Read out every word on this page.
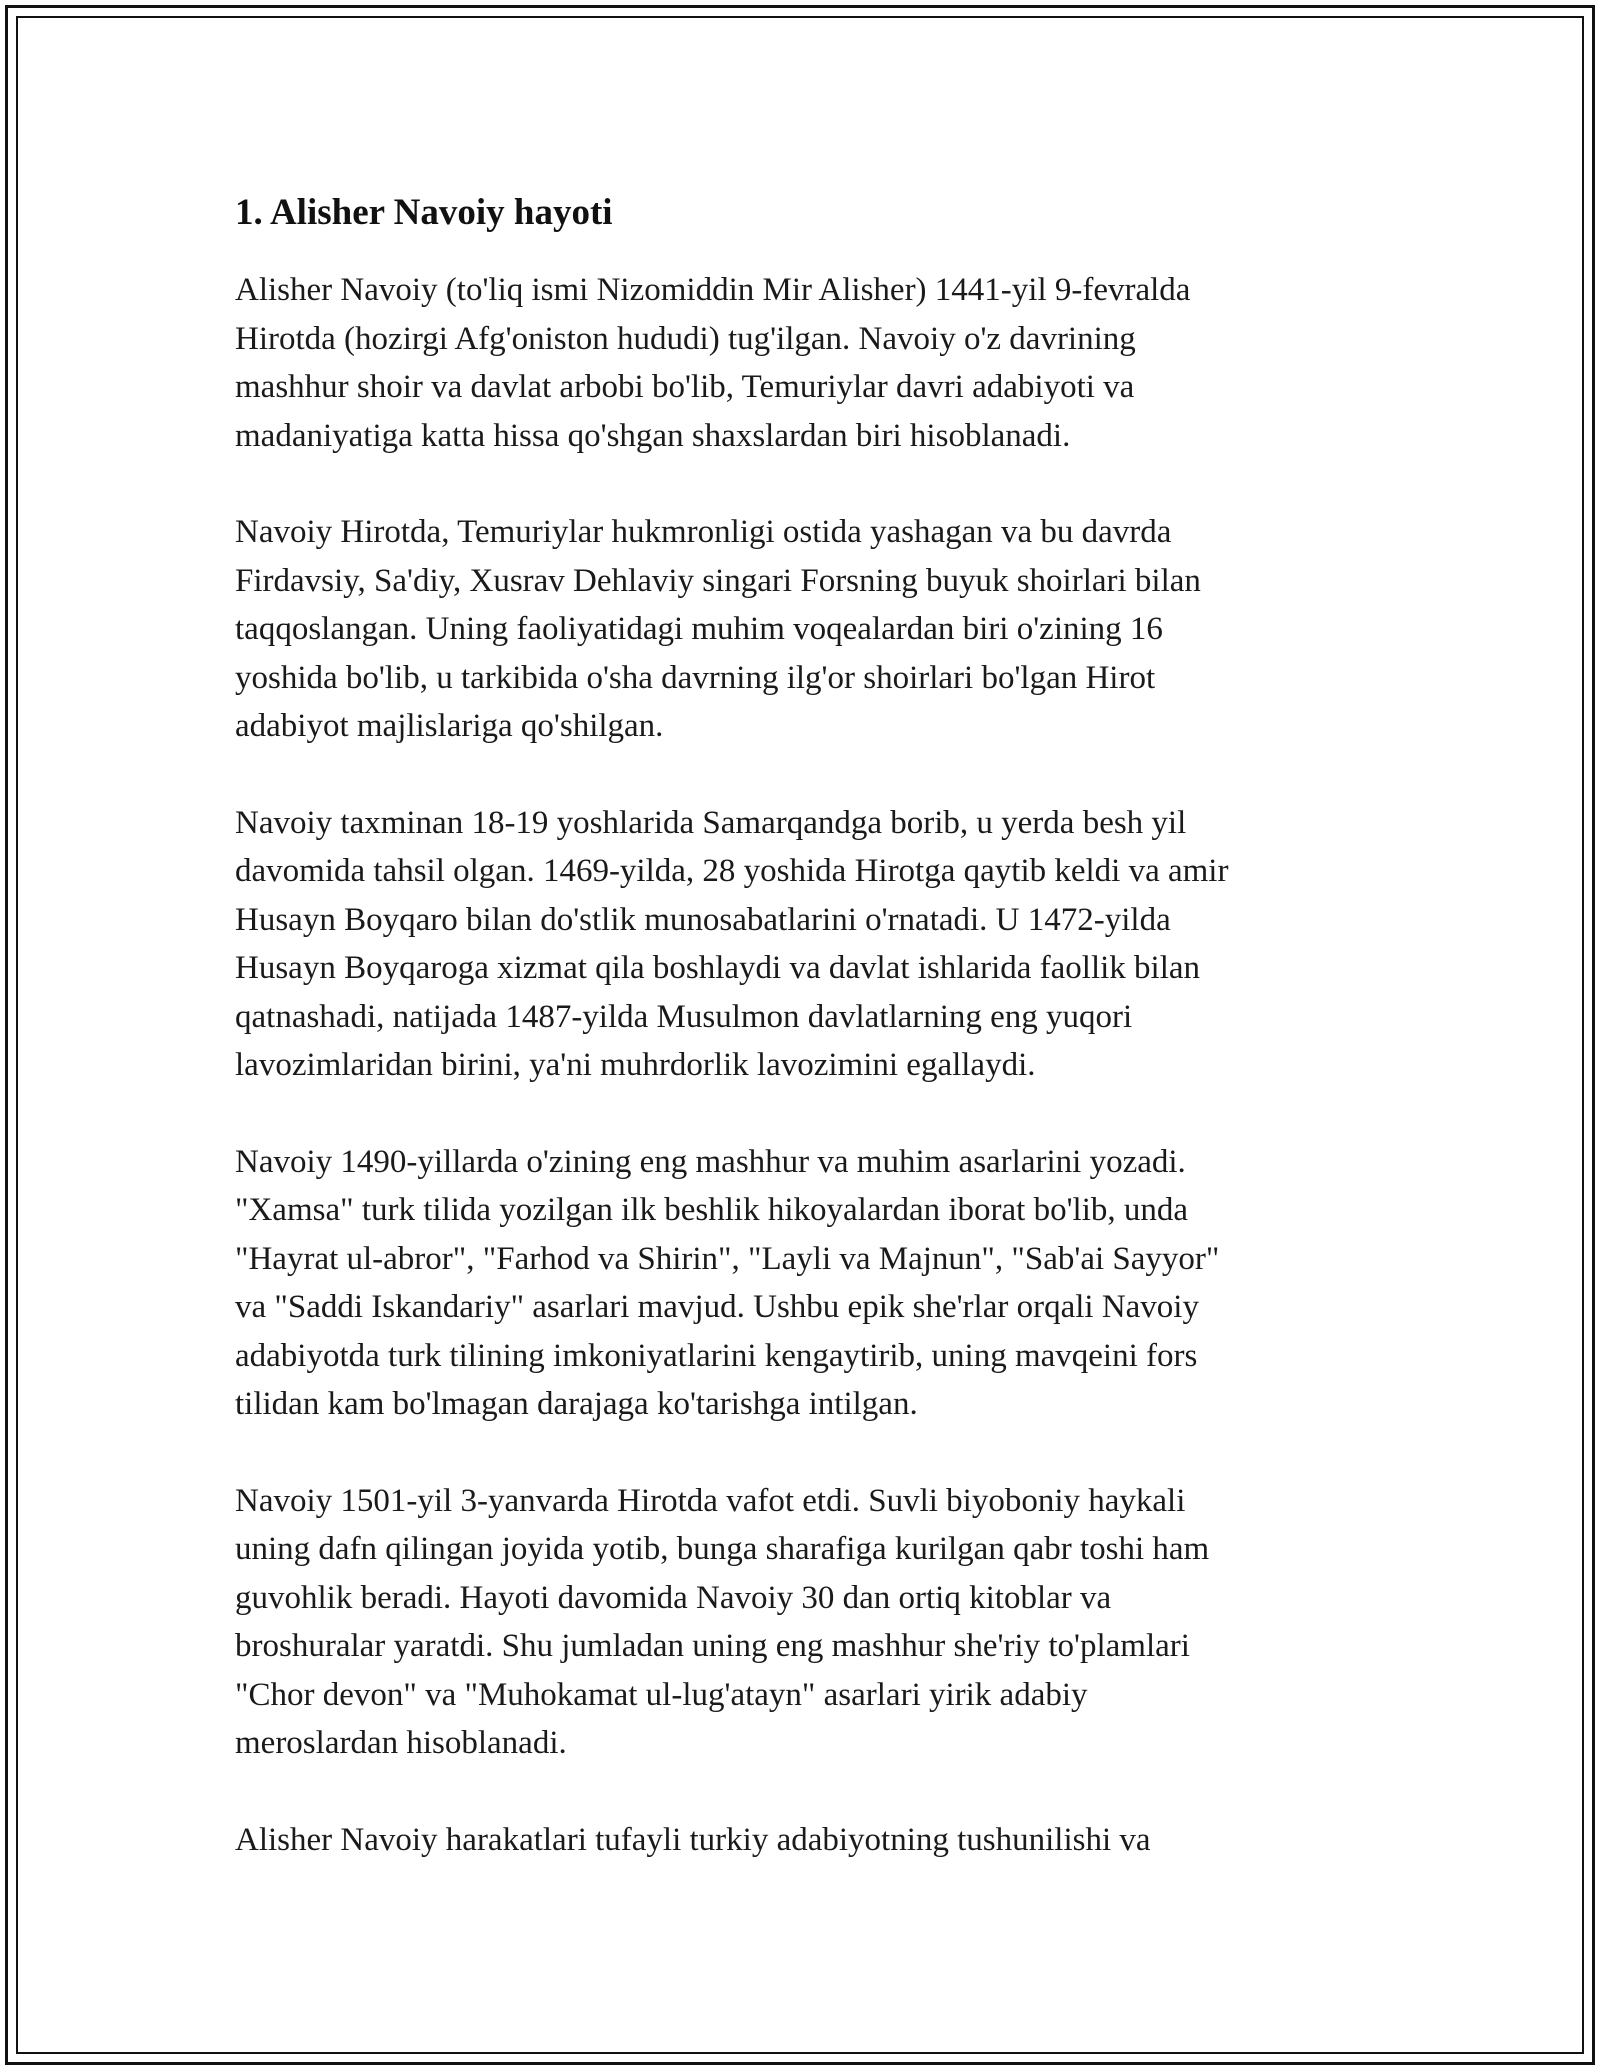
1. Alisher Navoiy hayoti

Alisher Navoiy (to'liq ismi Nizomiddin Mir Alisher) 1441-yil 9-fevralda
Hirotda (hozirgi Afg'oniston hududi) tug'ilgan. Navoiy o'z davrining
mashhur shoir va davlat arbobi bo'lib, Temuriylar davri adabiyoti va
madaniyatiga katta hissa qo'shgan shaxslardan biri hisoblanadi.

Navoiy Hirotda, Temuriylar hukmronligi ostida yashagan va bu davrda
Firdavsiy, Sa'diy, Xusrav Dehlaviy singari Forsning buyuk shoirlari bilan
taqqoslangan. Uning faoliyatidagi muhim voqealardan biri o'zining 16
yoshida bo'lib, u tarkibida o'sha davrning ilg'or shoirlari bo'lgan Hirot
adabiyot majlislariga qo'shilgan.

Navoiy taxminan 18-19 yoshlarida Samarqandga borib, u yerda besh yil
davomida tahsil olgan. 1469-yilda, 28 yoshida Hirotga qaytib keldi va amir
Husayn Boyqaro bilan do'stlik munosabatlarini o'rnatadi. U 1472-yilda
Husayn Boyqaroga xizmat qila boshlaydi va davlat ishlarida faollik bilan
qatnashadi, natijada 1487-yilda Musulmon davlatlarning eng yuqori
lavozimlaridan birini, ya'ni muhrdorlik lavozimini egallaydi.

Navoiy 1490-yillarda o'zining eng mashhur va muhim asarlarini yozadi.
"Xamsa" turk tilida yozilgan ilk beshlik hikoyalardan iborat bo'lib, unda
"Hayrat ul-abror", "Farhod va Shirin", "Layli va Majnun", "Sab'ai Sayyor"
va "Saddi Iskandariy" asarlari mavjud. Ushbu epik she'rlar orqali Navoiy
adabiyotda turk tilining imkoniyatlarini kengaytirib, uning mavqeini fors
tilidan kam bo'lmagan darajaga ko'tarishga intilgan.

Navoiy 1501-yil 3-yanvarda Hirotda vafot etdi. Suvli biyoboniy haykali
uning dafn qilingan joyida yotib, bunga sharafiga kurilgan qabr toshi ham
guvohlik beradi. Hayoti davomida Navoiy 30 dan ortiq kitoblar va
broshuralar yaratdi. Shu jumladan uning eng mashhur she'riy to'plamlari
"Chor devon" va "Muhokamat ul-lug'atayn" asarlari yirik adabiy
meroslardan hisoblanadi.

Alisher Navoiy harakatlari tufayli turkiy adabiyotning tushunilishi va
